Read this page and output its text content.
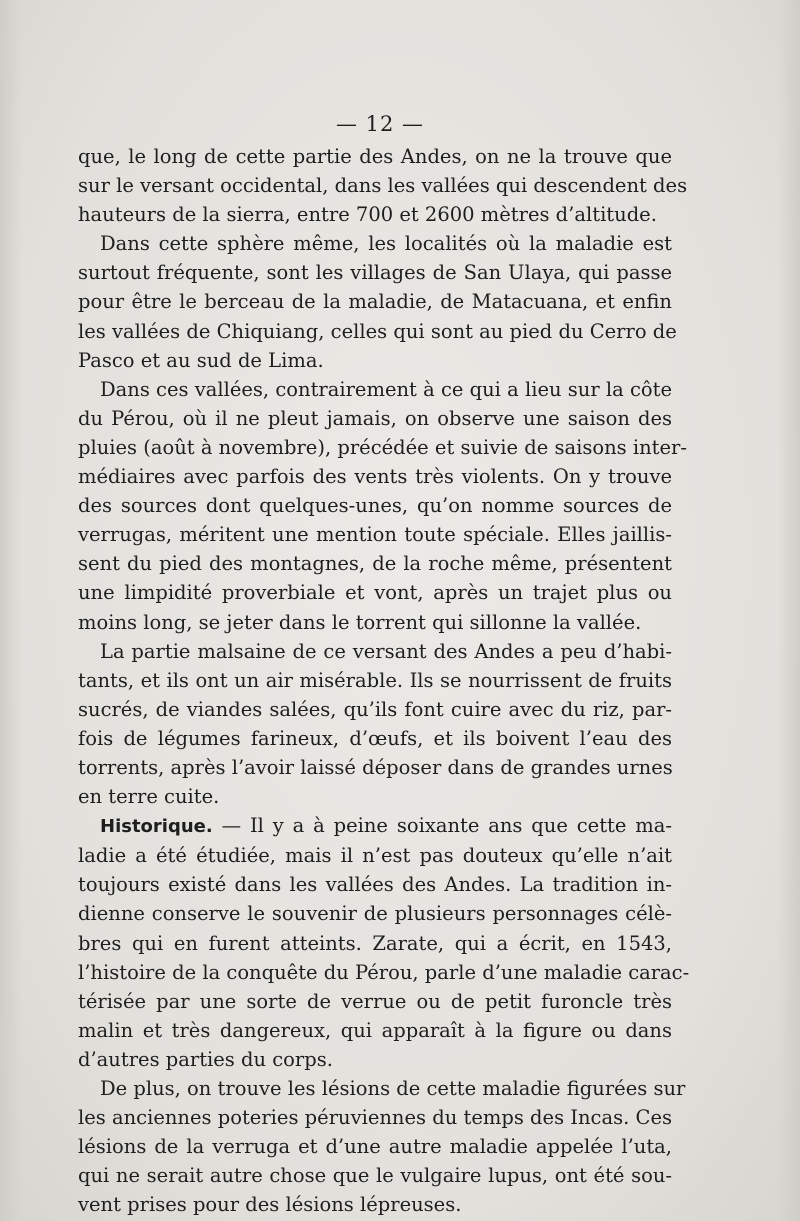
— 12 —

que, le long de cette partie des Andes, on ne la trouve que
sur le versant occidental, dans les vallées qui descendent des
hauteurs de la sierra, entre 700 et 2600 mètres d’altitude.

Dans cette sphère même, les localités où la maladie est
surtout fréquente, sont les villages de San Ulaya, qui passe
pour être le berceau de la maladie, de Matacuana, et enfin
les vallées de Chiquiang, celles qui sont au pied du Cerro de
Pasco et au sud de Lima.

Dans ces vallées, contrairement à ce qui a lieu sur la côte
du Pérou, où il ne pleut jamais, on observe une saison des
pluies (août à novembre), précédée et suivie de saisons inter-
médiaires avec parfois des vents très violents. On y trouve
des sources dont quelques-unes, qu’on nomme sources de
verrugas, méritent une mention toute spéciale. Elles jaillis-
sent du pied des montagnes, de la roche même, présentent
une limpidité proverbiale et vont, après un trajet plus ou
moins long, se jeter dans le torrent qui sillonne la vallée.

La partie malsaine de ce versant des Andes a peu d’habi-
tants, et ils ont un air misérable. Ils se nourrissent de fruits
sucrés, de viandes salées, qu’ils font cuire avec du riz, par-
fois de légumes farineux, d’œufs, et ils boivent l’eau des
torrents, après l’avoir laissé déposer dans de grandes urnes
en terre cuite.

Historique. — Il y a à peine soixante ans que cette ma-
ladie a été étudiée, mais il n’est pas douteux qu’elle n’ait
toujours existé dans les vallées des Andes. La tradition in-
dienne conserve le souvenir de plusieurs personnages célè-
bres qui en furent atteints. Zarate, qui a écrit, en 1543,
l’histoire de la conquête du Pérou, parle d’une maladie carac-
térisée par une sorte de verrue ou de petit furoncle très
malin et très dangereux, qui apparaît à la figure ou dans
d’autres parties du corps.

De plus, on trouve les lésions de cette maladie figurées sur
les anciennes poteries péruviennes du temps des Incas. Ces
lésions de la verruga et d’une autre maladie appelée l’uta,
qui ne serait autre chose que le vulgaire lupus, ont été sou-
vent prises pour des lésions lépreuses.
